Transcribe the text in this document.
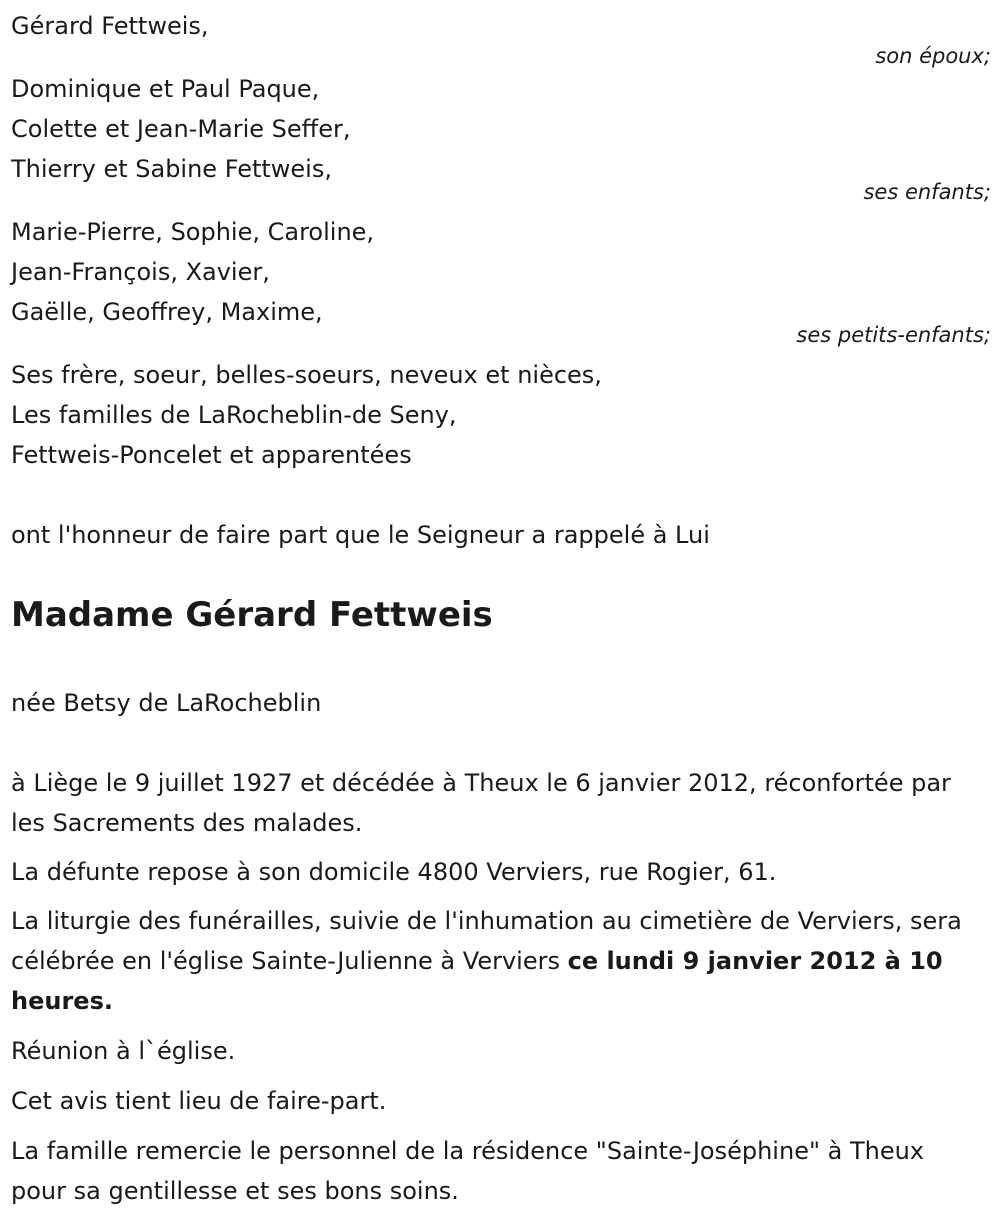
Gérard Fettweis,
son époux;
Dominique et Paul Paque,
Colette et Jean-Marie Seffer,
Thierry et Sabine Fettweis,
ses enfants;
Marie-Pierre, Sophie, Caroline,
Jean-François, Xavier,
Gaëlle, Geoffrey, Maxime,
ses petits-enfants;
Ses frère, soeur, belles-soeurs, neveux et nièces,
Les familles de LaRocheblin-de Seny,
Fettweis-Poncelet et apparentées
ont l'honneur de faire part que le Seigneur a rappelé à Lui
Madame Gérard Fettweis
née Betsy de LaRocheblin
à Liège le 9 juillet 1927 et décédée à Theux le 6 janvier 2012, réconfortée par les Sacrements des malades.
La défunte repose à son domicile 4800 Verviers, rue Rogier, 61.
La liturgie des funérailles, suivie de l'inhumation au cimetière de Verviers, sera célébrée en l'église Sainte-Julienne à Verviers ce lundi 9 janvier 2012 à 10 heures.
Réunion à l`église.
Cet avis tient lieu de faire-part.
La famille remercie le personnel de la résidence "Sainte-Joséphine" à Theux pour sa gentillesse et ses bons soins.
